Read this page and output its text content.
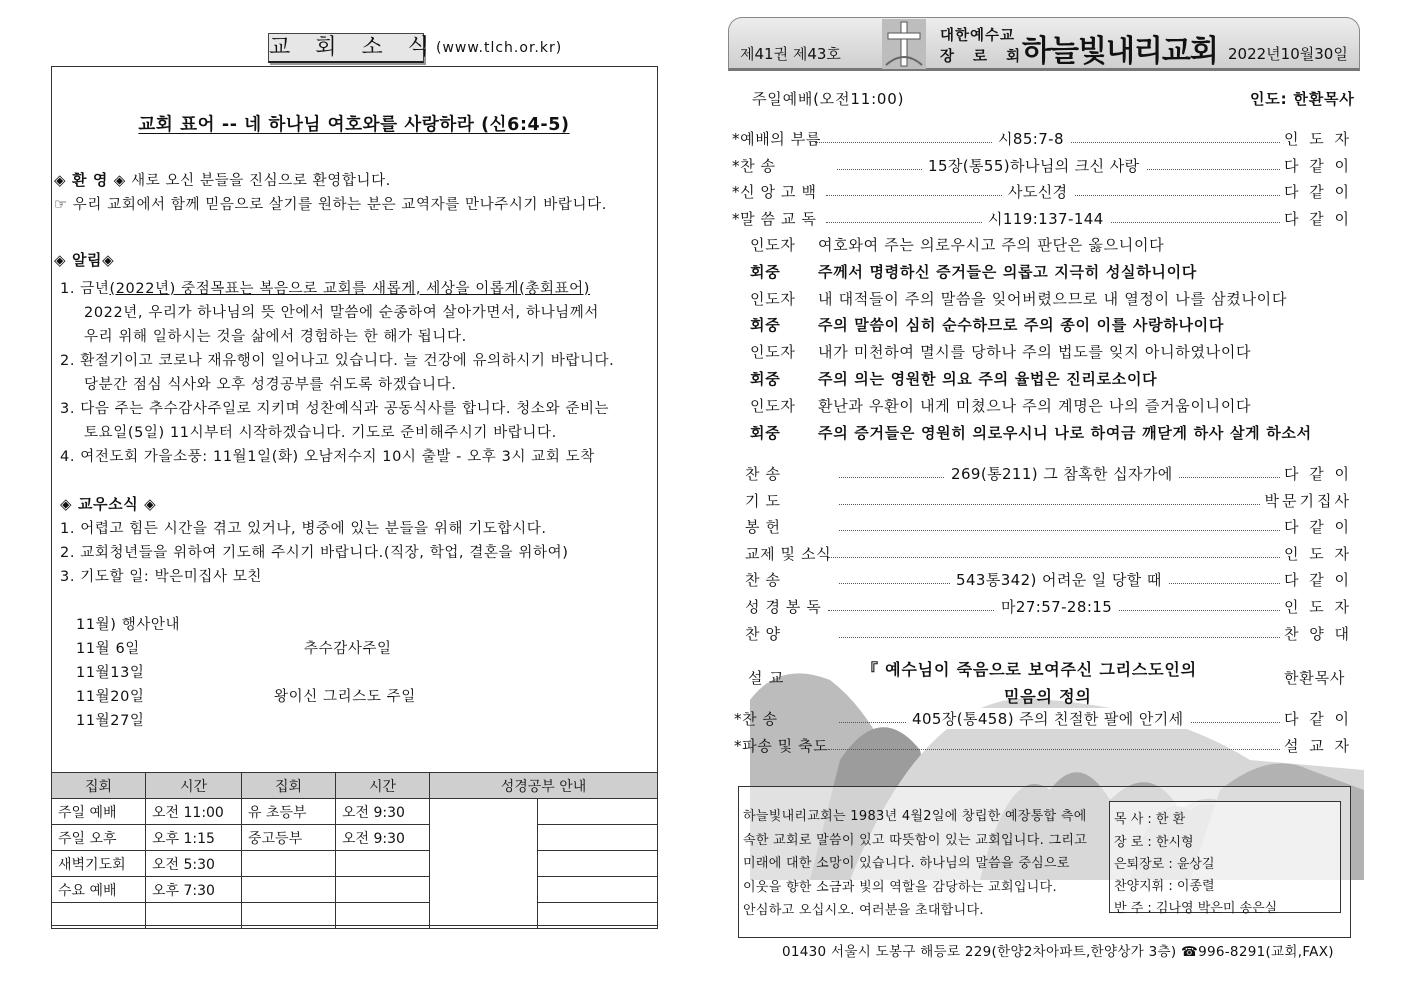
교 회 소 식
(www.tlch.or.kr)
교회 표어 -- 네 하나님 여호와를 사랑하라 (신6:4-5)
◈ 환 영 ◈ 새로 오신 분들을 진심으로 환영합니다.
☞ 우리 교회에서 함께 믿음으로 살기를 원하는 분은 교역자를 만나주시기 바랍니다.
◈ 알림◈
1. 금년(2022년) 중점목표는 복음으로 교회를 새롭게, 세상을 이롭게(총회표어)
2022년, 우리가 하나님의 뜻 안에서 말씀에 순종하여 살아가면서, 하나님께서
우리 위해 일하시는 것을 삶에서 경험하는 한 해가 됩니다.
2. 환절기이고 코로나 재유행이 일어나고 있습니다. 늘 건강에 유의하시기 바랍니다.
당분간 점심 식사와 오후 성경공부를 쉬도록 하겠습니다.
3. 다음 주는 추수감사주일로 지키며 성찬예식과 공동식사를 합니다. 청소와 준비는
토요일(5일) 11시부터 시작하겠습니다. 기도로 준비해주시기 바랍니다.
4. 여전도회 가을소풍: 11월1일(화) 오남저수지 10시 출발 - 오후 3시 교회 도착
◈ 교우소식 ◈
1. 어렵고 힘든 시간을 겪고 있거나, 병중에 있는 분들을 위해 기도합시다.
2. 교회청년들을 위하여 기도해 주시기 바랍니다.(직장, 학업, 결혼을 위하여)
3. 기도할 일: 박은미집사 모친
11월) 행사안내
11월 6일	추수감사주일
11월13일
11월20일	왕이신 그리스도 주일
11월27일
집회	시간	집회	시간	성경공부 안내	
주일 예배	오전 11:00	유 초등부	오전 9:30		
주일 오후	오후 1:15	중고등부	오전 9:30		
새벽기도회	오전 5:30				
수요 예배	오후 7:30				

제41권 제43호
대한예수교
장 로 회
하늘빛내리교회 2022년10월30일
주일예배(오전11:00)	인도: 한환목사
*예배의 부름	시85:7-8	인 도 자
*찬 송	15장(통55)하나님의 크신 사랑	다 같 이
*신 앙 고 백	사도신경	다 같 이
*말 씀 교 독	시119:137-144	다 같 이
인도자 여호와여 주는 의로우시고 주의 판단은 옳으니이다
회중	주께서 명령하신 증거들은 의롭고 지극히 성실하니이다
인도자 내 대적들이 주의 말씀을 잊어버렸으므로 내 열정이 나를 삼켰나이다
회중	주의 말씀이 심히 순수하므로 주의 종이 이를 사랑하나이다
인도자 내가 미천하여 멸시를 당하나 주의 법도를 잊지 아니하였나이다
회중	주의 의는 영원한 의요 주의 율법은 진리로소이다
인도자 환난과 우환이 내게 미쳤으나 주의 계명은 나의 즐거움이니이다
회중	주의 증거들은 영원히 의로우시니 나로 하여금 깨닫게 하사 살게 하소서
찬 송	269(통211) 그 참혹한 십자가에	다 같 이
기 도	박문기집사
봉 헌	다 같 이
교제 및 소식	인 도 자
찬 송	543통342) 어려운 일 당할 때	다 같 이
성 경 봉 독	마27:57-28:15	인 도 자
찬 양	찬 양 대
*찬 송	405장(통458) 주의 친절한 팔에 안기세	다 같 이
*파송 및 축도	설 교 자
설 교	『 예수님이 죽음으로 보여주신 그리스도인의
믿음의 정의
한환목사
하늘빛내리교회는 1983년 4월2일에 창립한 예장통합 측에 속한 교회로 말씀이 있고 따뜻함이 있는 교회입니다. 그리고 미래에 대한 소망이 있습니다. 하나님의 말씀을 중심으로 이웃을 향한 소금과 빛의 역할을 감당하는 교회입니다. 안심하고 오십시오. 여러분을 초대합니다.
목 사 : 한 환
장 로 : 한시형
은퇴장로 : 윤상길
찬양지휘 : 이종렬
반 주 : 김나영 박은미 송은실
01430 서울시 도봉구 해등로 229(한양2차아파트,한양상가 3층) ☎996-8291(교회,FAX)
